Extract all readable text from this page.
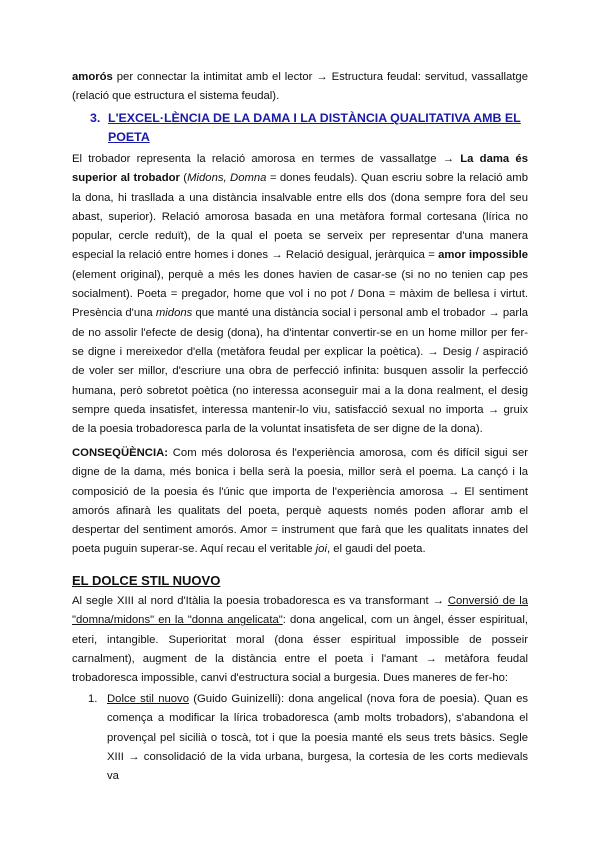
amorós per connectar la intimitat amb el lector → Estructura feudal: servitud, vassallatge (relació que estructura el sistema feudal).
3. L'EXCEL·LÈNCIA DE LA DAMA I LA DISTÀNCIA QUALITATIVA AMB EL
POETA
El trobador representa la relació amorosa en termes de vassallatge → La dama és superior al trobador (Midons, Domna = dones feudals). Quan escriu sobre la relació amb la dona, hi trasllada a una distància insalvable entre ells dos (dona sempre fora del seu abast, superior). Relació amorosa basada en una metàfora formal cortesana (lírica no popular, cercle reduït), de la qual el poeta se serveix per representar d'una manera especial la relació entre homes i dones → Relació desigual, jeràrquica = amor impossible (element original), perquè a més les dones havien de casar-se (si no no tenien cap pes socialment). Poeta = pregador, home que vol i no pot / Dona = màxim de bellesa i virtut. Presència d'una midons que manté una distància social i personal amb el trobador → parla de no assolir l'efecte de desig (dona), ha d'intentar convertir-se en un home millor per fer-se digne i mereixedor d'ella (metàfora feudal per explicar la poètica). → Desig / aspiració de voler ser millor, d'escriure una obra de perfecció infinita: busquen assolir la perfecció humana, però sobretot poètica (no interessa aconseguir mai a la dona realment, el desig sempre queda insatisfet, interessa mantenir-lo viu, satisfacció sexual no importa → gruix de la poesia trobadoresca parla de la voluntat insatisfeta de ser digne de la dona).
CONSEQÜÈNCIA: Com més dolorosa és l'experiència amorosa, com és difícil sigui ser digne de la dama, més bonica i bella serà la poesia, millor serà el poema. La cançó i la composició de la poesia és l'únic que importa de l'experiència amorosa → El sentiment amorós afinarà les qualitats del poeta, perquè aquests només poden aflorar amb el despertar del sentiment amorós. Amor = instrument que farà que les qualitats innates del poeta puguin superar-se. Aquí recau el veritable joi, el gaudi del poeta.
EL DOLCE STIL NUOVO
Al segle XIII al nord d'Itàlia la poesia trobadoresca es va transformant → Conversió de la "domna/midons" en la "donna angelicata": dona angelical, com un àngel, ésser espiritual, eteri, intangible. Superioritat moral (dona ésser espiritual impossible de posseir carnalment), augment de la distància entre el poeta i l'amant → metàfora feudal trobadoresca impossible, canvi d'estructura social a burgesia. Dues maneres de fer-ho:
1. Dolce stil nuovo (Guido Guinizelli): dona angelical (nova fora de poesia). Quan es comença a modificar la lírica trobadoresca (amb molts trobadors), s'abandona el provençal pel sicilià o toscà, tot i que la poesia manté els seus trets bàsics. Segle XIII → consolidació de la vida urbana, burgesa, la cortesia de les corts medievals va
